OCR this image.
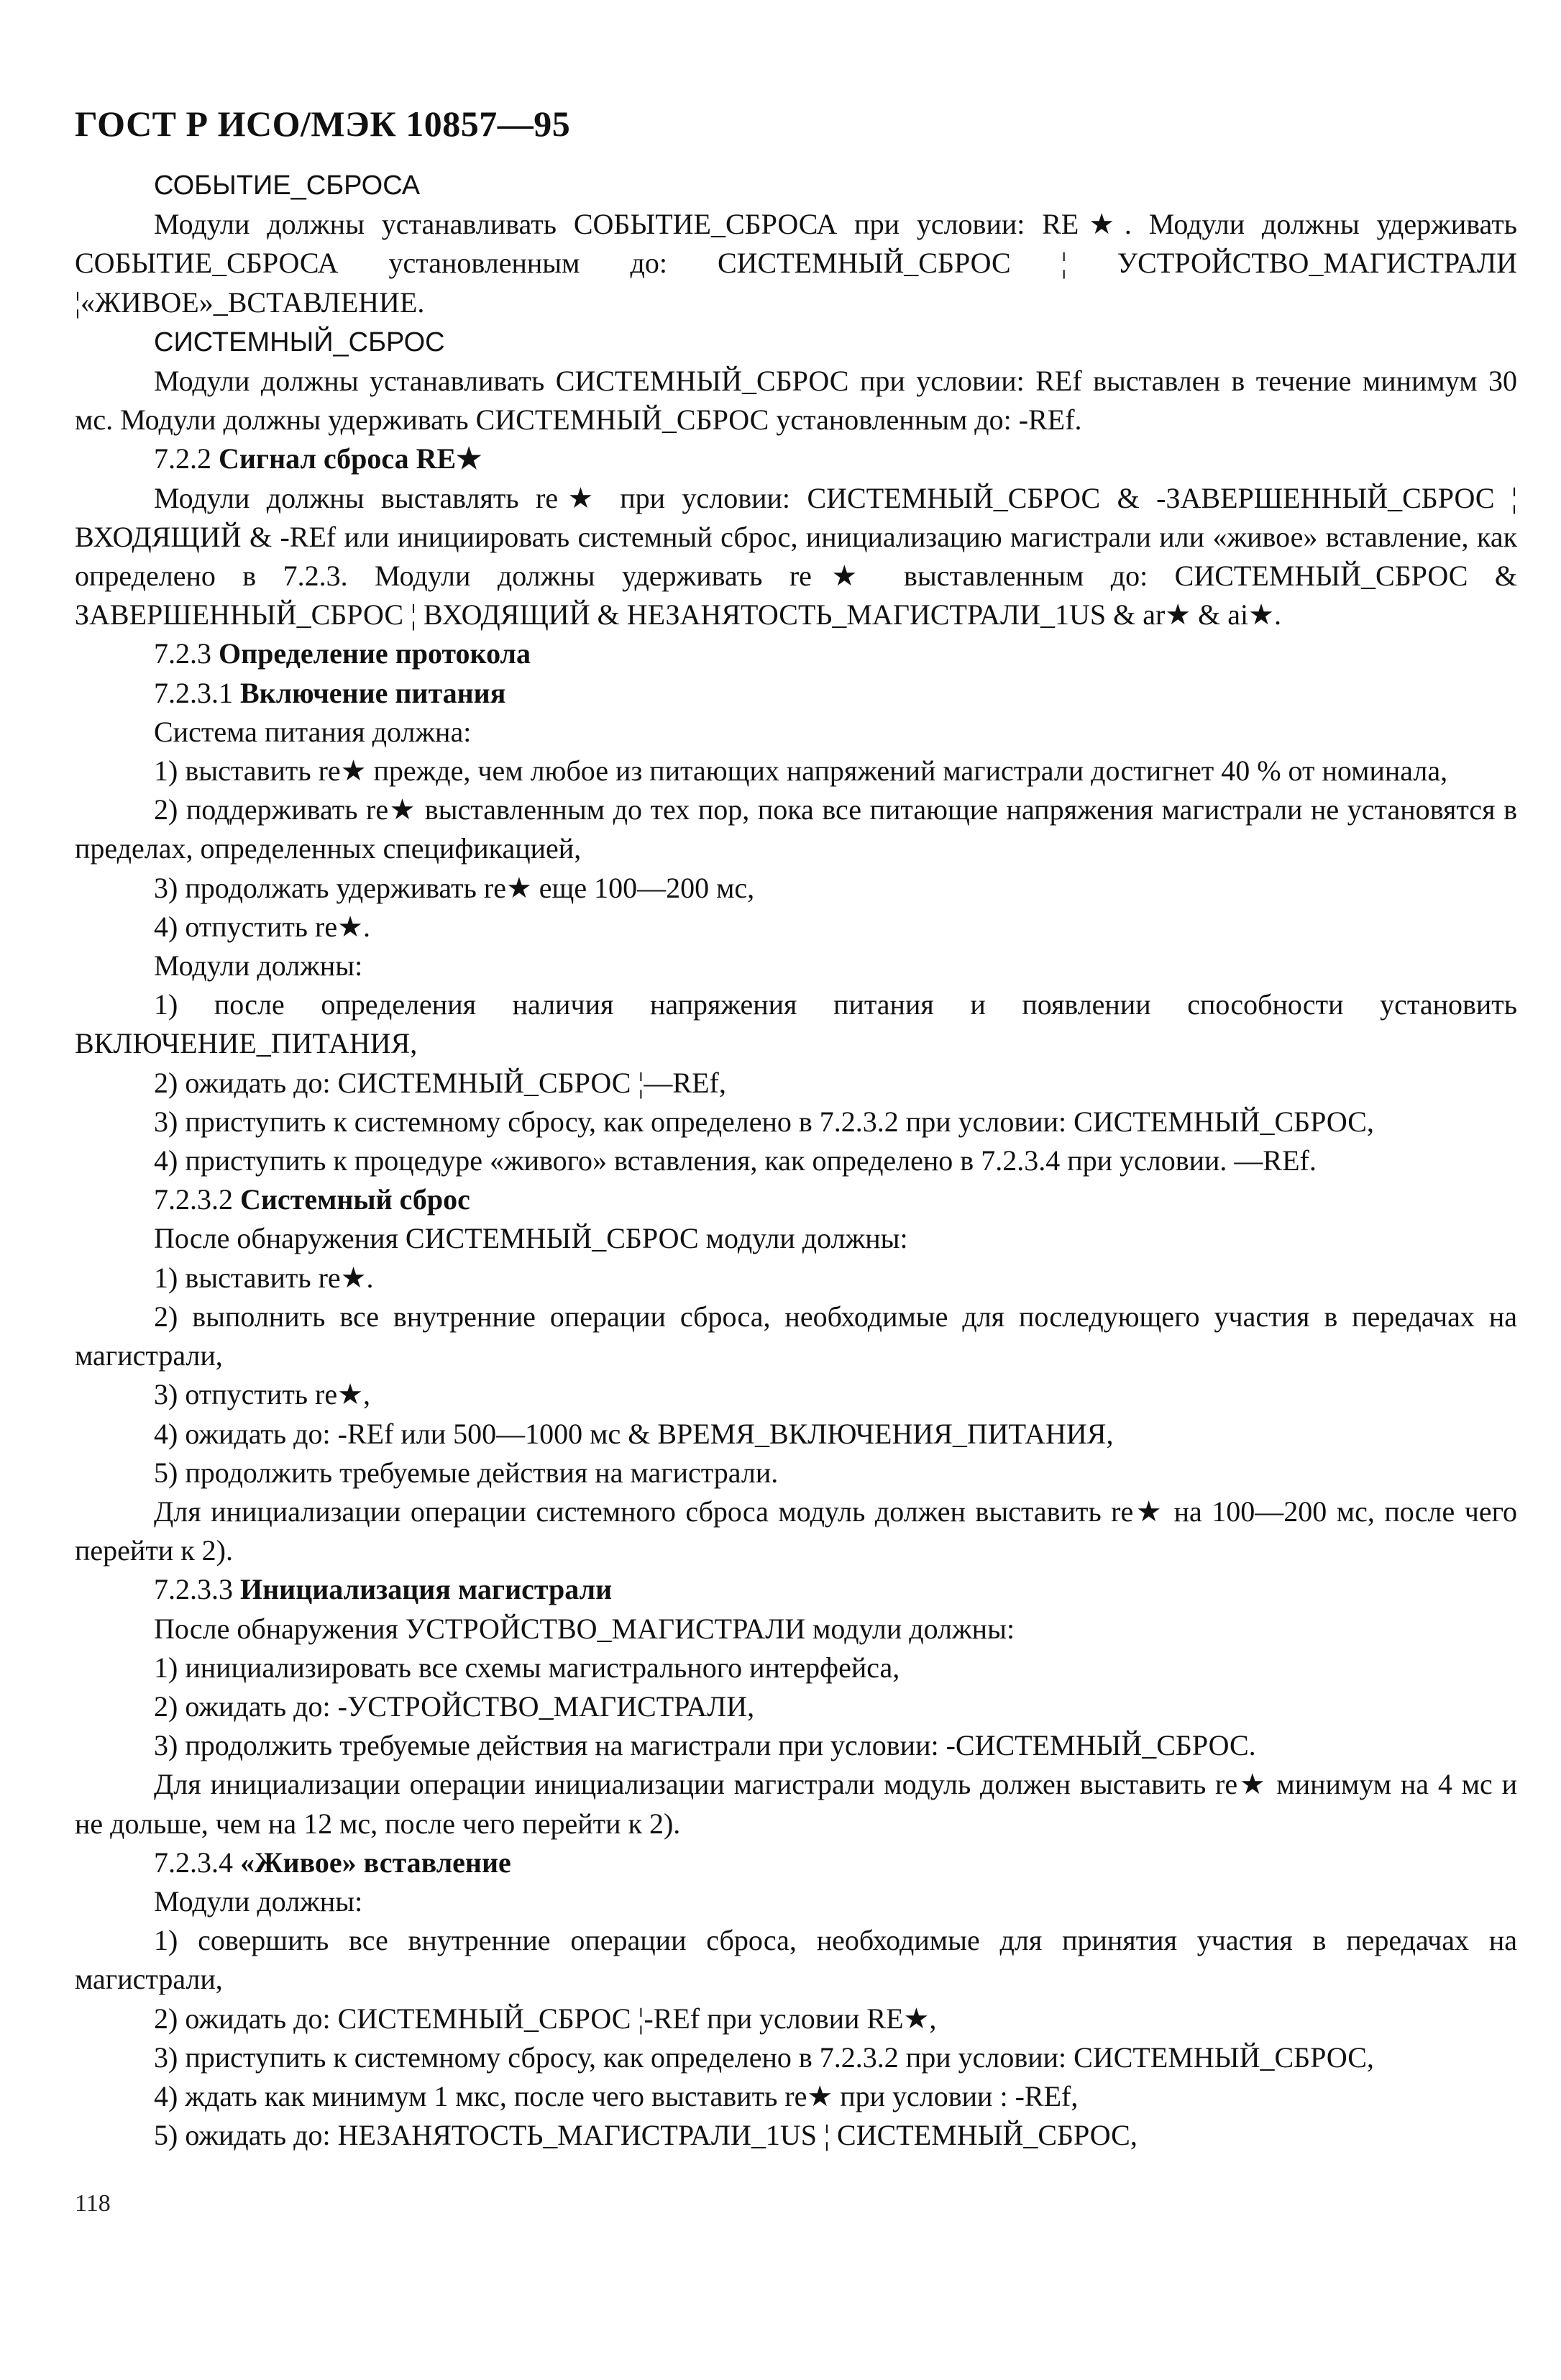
ГОСТ Р ИСО/МЭК 10857—95

СОБЫТИЕ_СБРОСА

Модули должны устанавливать СОБЫТИЕ_СБРОСА при условии: RE★. Модули должны удерживать СОБЫТИЕ_СБРОСА установленным до: СИСТЕМНЫЙ_СБРОС ¦ УСТРОЙСТВО_МАГИСТРАЛИ ¦«ЖИВОЕ»_ВСТАВЛЕНИЕ.

СИСТЕМНЫЙ_СБРОС

Модули должны устанавливать СИСТЕМНЫЙ_СБРОС при условии: REf выставлен в течение минимум 30 мс. Модули должны удерживать СИСТЕМНЫЙ_СБРОС установленным до: -REf.

7.2.2 Сигнал сброса RE★

Модули должны выставлять re★ при условии: СИСТЕМНЫЙ_СБРОС & -ЗАВЕРШЕННЫЙ_СБРОС ¦ ВХОДЯЩИЙ & -REf или инициировать системный сброс, инициализацию магистрали или «живое» вставление, как определено в 7.2.3. Модули должны удерживать re★ выставленным до: СИСТЕМНЫЙ_СБРОС & ЗАВЕРШЕННЫЙ_СБРОС ¦ ВХОДЯЩИЙ & НЕЗАНЯТОСТЬ_МАГИСТРАЛИ_1US & ar★ & ai★.

7.2.3 Определение протокола

7.2.3.1 Включение питания

Система питания должна:

1) выставить re★ прежде, чем любое из питающих напряжений магистрали достигнет 40 % от номинала,

2) поддерживать re★ выставленным до тех пор, пока все питающие напряжения магистрали не установятся в пределах, определенных спецификацией,

3) продолжать удерживать re★ еще 100—200 мс,

4) отпустить re★.

Модули должны:

1) после определения наличия напряжения питания и появлении способности установить ВКЛЮЧЕНИЕ_ПИТАНИЯ,

2) ожидать до: СИСТЕМНЫЙ_СБРОС ¦—REf,

3) приступить к системному сбросу, как определено в 7.2.3.2 при условии: СИСТЕМНЫЙ_СБРОС,

4) приступить к процедуре «живого» вставления, как определено в 7.2.3.4 при условии. —REf.

7.2.3.2 Системный сброс

После обнаружения СИСТЕМНЫЙ_СБРОС модули должны:

1) выставить re★.

2) выполнить все внутренние операции сброса, необходимые для последующего участия в передачах на магистрали,

3) отпустить re★,

4) ожидать до: -REf или 500—1000 мс & ВРЕМЯ_ВКЛЮЧЕНИЯ_ПИТАНИЯ,

5) продолжить требуемые действия на магистрали.

Для инициализации операции системного сброса модуль должен выставить re★ на 100—200 мс, после чего перейти к 2).

7.2.3.3 Инициализация магистрали

После обнаружения УСТРОЙСТВО_МАГИСТРАЛИ модули должны:

1) инициализировать все схемы магистрального интерфейса,

2) ожидать до: -УСТРОЙСТВО_МАГИСТРАЛИ,

3) продолжить требуемые действия на магистрали при условии: -СИСТЕМНЫЙ_СБРОС.

Для инициализации операции инициализации магистрали модуль должен выставить re★ минимум на 4 мс и не дольше, чем на 12 мс, после чего перейти к 2).

7.2.3.4 «Живое» вставление

Модули должны:

1) совершить все внутренние операции сброса, необходимые для принятия участия в передачах на магистрали,

2) ожидать до: СИСТЕМНЫЙ_СБРОС ¦-REf при условии RE★,

3) приступить к системному сбросу, как определено в 7.2.3.2 при условии: СИСТЕМНЫЙ_СБРОС,

4) ждать как минимум 1 мкс, после чего выставить re★ при условии : -REf,

5) ожидать до: НЕЗАНЯТОСТЬ_МАГИСТРАЛИ_1US ¦ СИСТЕМНЫЙ_СБРОС,

118
